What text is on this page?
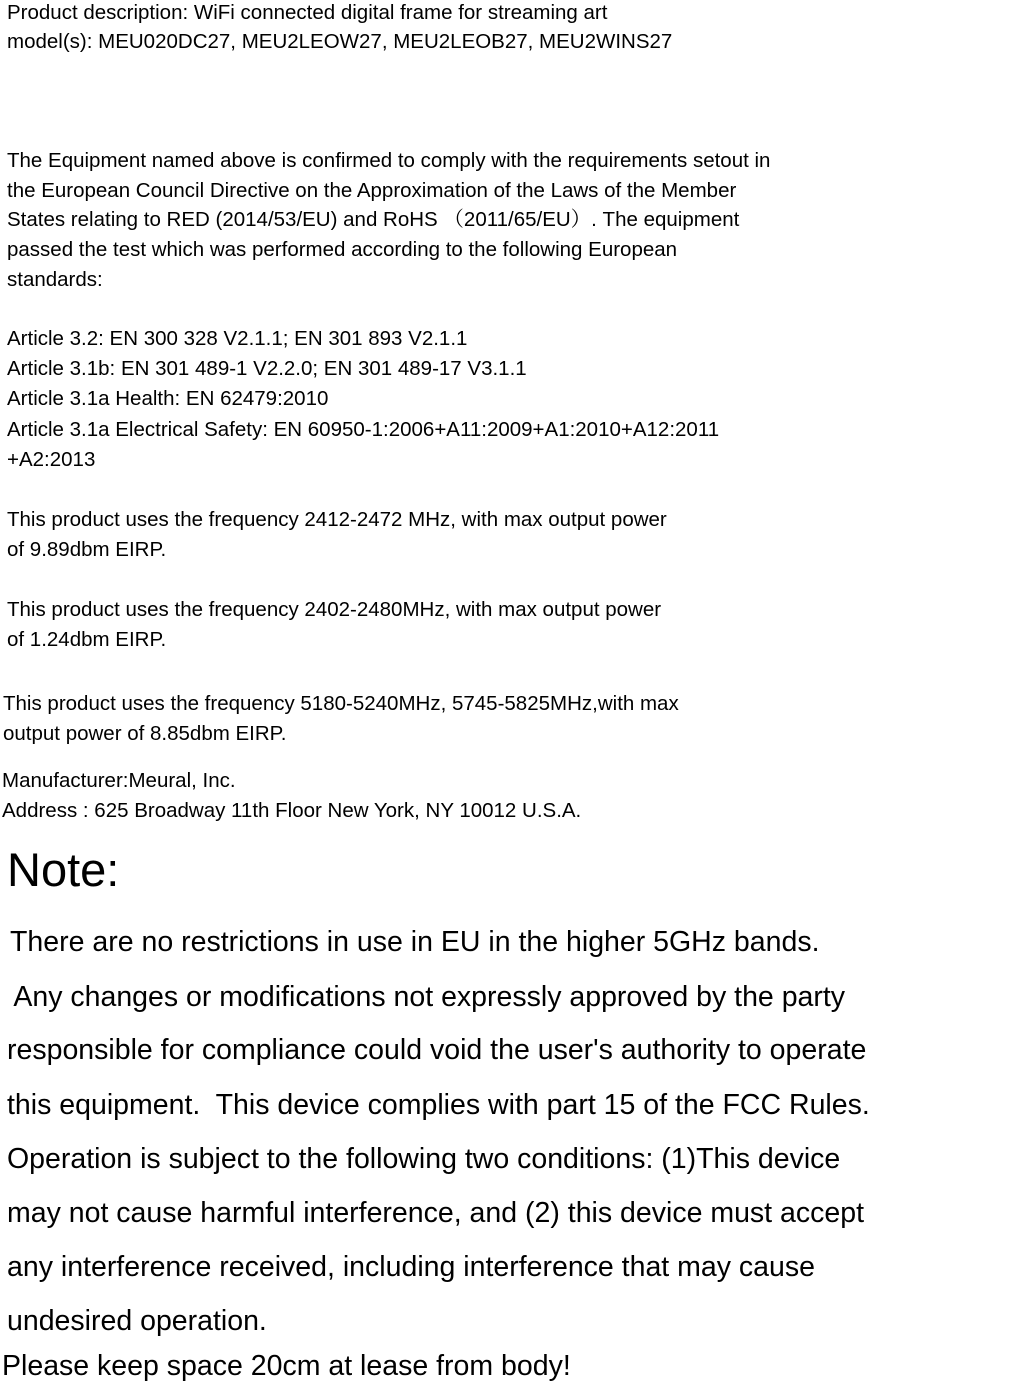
Product description: WiFi connected digital frame for streaming art
model(s): MEU020DC27, MEU2LEOW27, MEU2LEOB27, MEU2WINS27
The Equipment named above is confirmed to comply with the requirements setout in
the European Council Directive on the Approximation of the Laws of the Member
States relating to RED (2014/53/EU) and RoHS （2011/65/EU）. The equipment
passed the test which was performed according to the following European
standards:
Article 3.2: EN 300 328 V2.1.1; EN 301 893 V2.1.1
Article 3.1b: EN 301 489-1 V2.2.0; EN 301 489-17 V3.1.1
Article 3.1a Health: EN 62479:2010
Article 3.1a Electrical Safety: EN 60950-1:2006+A11:2009+A1:2010+A12:2011
+A2:2013
This product uses the frequency 2412-2472 MHz, with max output power
of 9.89dbm EIRP.
This product uses the frequency 2402-2480MHz, with max output power
of 1.24dbm EIRP.
This product uses the frequency 5180-5240MHz, 5745-5825MHz,with max
output power of 8.85dbm EIRP.
Manufacturer:Meural, Inc.
Address : 625 Broadway 11th Floor New York, NY 10012 U.S.A.
Note:
There are no restrictions in use in EU in the higher 5GHz bands.
Any changes or modifications not expressly approved by the party
responsible for compliance could void the user's authority to operate
this equipment.  This device complies with part 15 of the FCC Rules.
Operation is subject to the following two conditions: (1)This device
may not cause harmful interference, and (2) this device must accept
any interference received, including interference that may cause
undesired operation.
Please keep space 20cm at lease from body!
